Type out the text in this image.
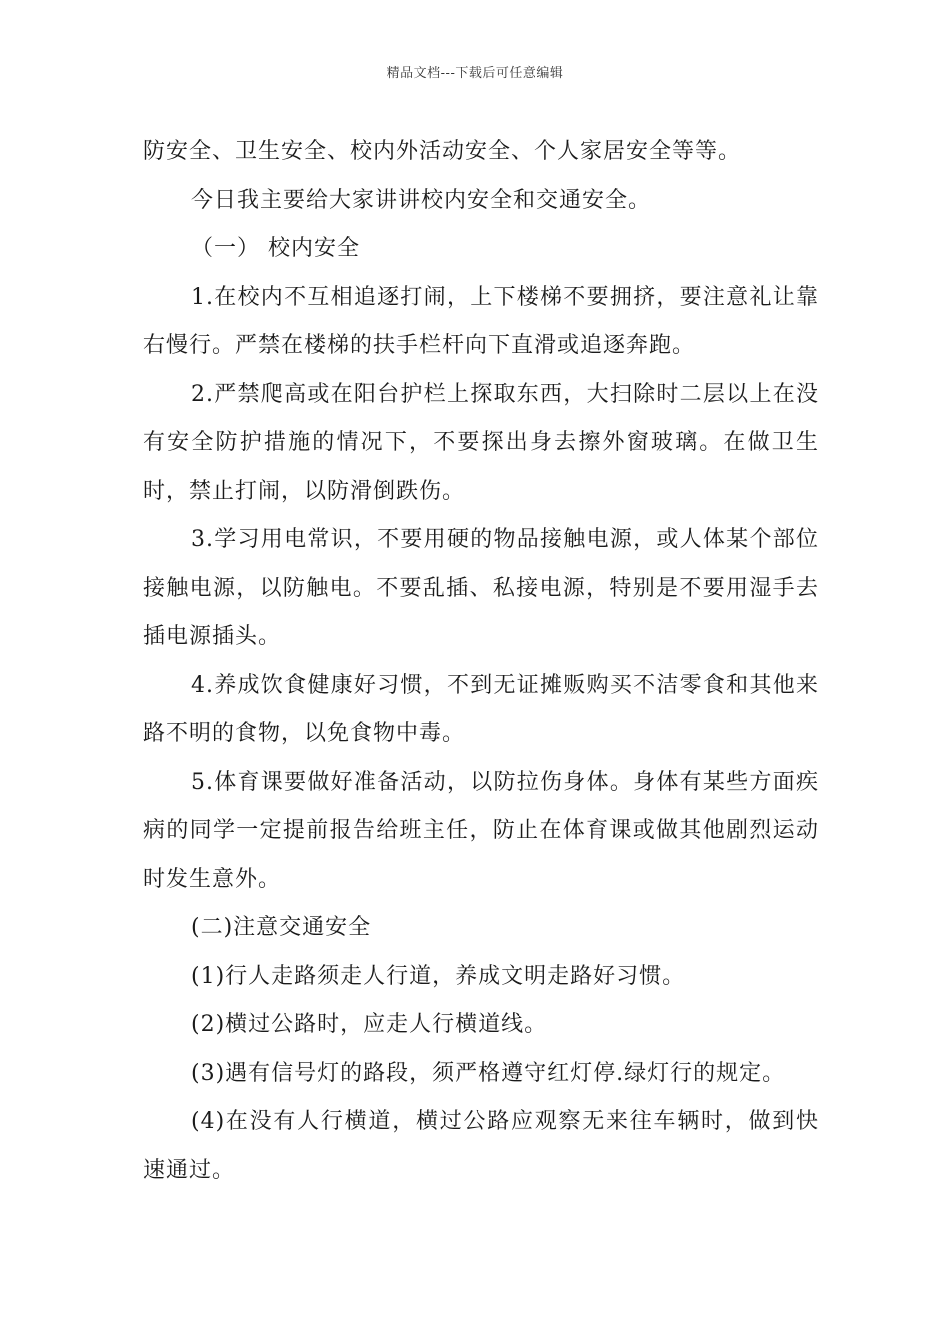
精品文档---下载后可任意编辑

防安全、卫生安全、校内外活动安全、个人家居安全等等。

今日我主要给大家讲讲校内安全和交通安全。

（一） 校内安全

1.在校内不互相追逐打闹，上下楼梯不要拥挤，要注意礼让靠右慢行。严禁在楼梯的扶手栏杆向下直滑或追逐奔跑。

2.严禁爬高或在阳台护栏上探取东西，大扫除时二层以上在没有安全防护措施的情况下，不要探出身去擦外窗玻璃。在做卫生时，禁止打闹，以防滑倒跌伤。

3.学习用电常识，不要用硬的物品接触电源，或人体某个部位接触电源，以防触电。不要乱插、私接电源，特别是不要用湿手去插电源插头。

4.养成饮食健康好习惯，不到无证摊贩购买不洁零食和其他来路不明的食物，以免食物中毒。

5.体育课要做好准备活动，以防拉伤身体。身体有某些方面疾病的同学一定提前报告给班主任，防止在体育课或做其他剧烈运动时发生意外。

(二)注意交通安全

(1)行人走路须走人行道，养成文明走路好习惯。

(2)横过公路时，应走人行横道线。

(3)遇有信号灯的路段，须严格遵守红灯停.绿灯行的规定。

(4)在没有人行横道，横过公路应观察无来往车辆时，做到快速通过。
